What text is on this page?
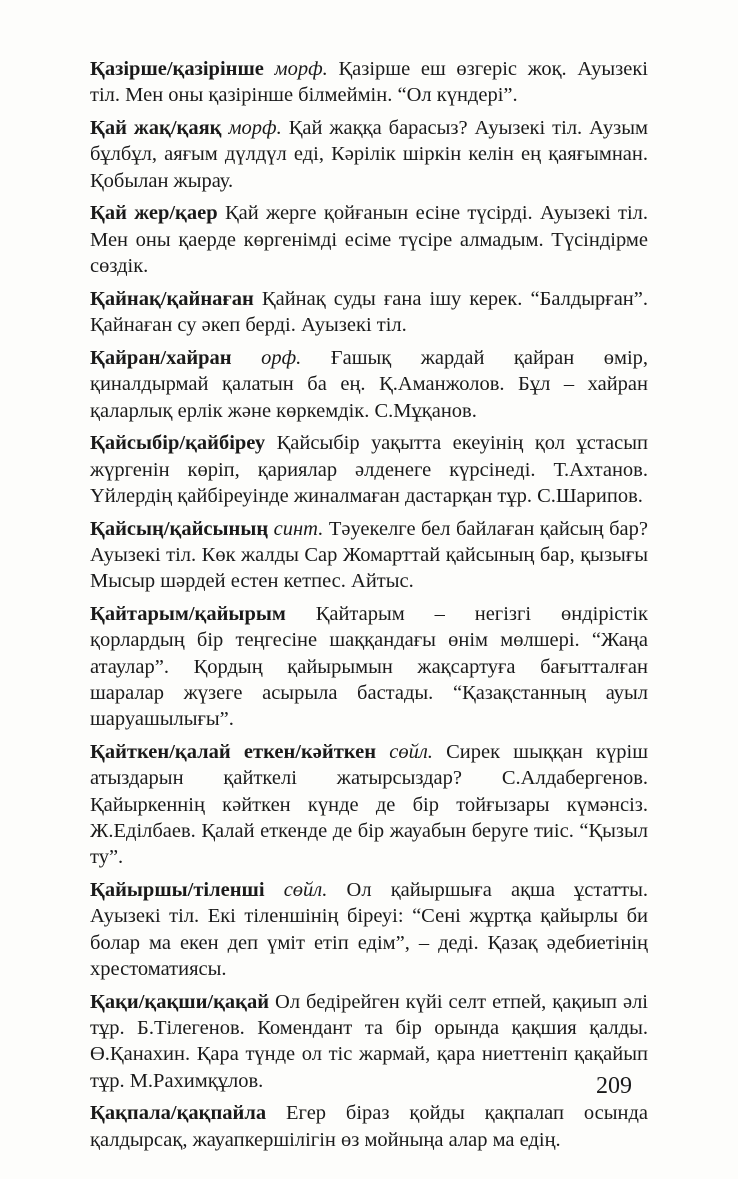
Қазірше/қазірінше морф. Қазірше еш өзгеріс жоқ. Ауызекі тіл. Мен оны қазірінше білмеймін. “Ол күндері”.

Қай жақ/қаяқ морф. Қай жаққа барасыз? Ауызекі тіл. Аузым бұлбұл, аяғым дүлдүл еді, Кәрілік шіркін келін ең қаяғымнан. Қобылан жырау.

Қай жер/қаер Қай жерге қойғанын есіне түсірді. Ауызекі тіл. Мен оны қаерде көргенімді есіме түсіре алмадым. Түсіндірме сөздік.

Қайнақ/қайнаған Қайнақ суды ғана ішу керек. “Балдырған”. Қайнаған су әкеп берді. Ауызекі тіл.

Қайран/хайран орф. Ғашық жардай қайран өмір, қиналдырмай қалатын ба ең. Қ.Аманжолов. Бұл – хайран қаларлық ерлік және көркемдік. С.Мұқанов.

Қайсыбір/қайбіреу Қайсыбір уақытта екеуінің қол ұстасып жүргенін көріп, қариялар әлденеге күрсінеді. Т.Ахтанов. Үйлердің қайбіреуінде жиналмаған дастарқан тұр. С.Шарипов.

Қайсың/қайсының синт. Тәуекелге бел байлаған қайсың бар? Ауызекі тіл. Көк жалды Сар Жомарттай қайсының бар, қызығы Мысыр шәрдей естен кетпес. Айтыс.

Қайтарым/қайырым Қайтарым – негізгі өндірістік қорлардың бір теңгесіне шаққандағы өнім мөлшері. “Жаңа атаулар”. Қордың қайырымын жақсартуға бағытталған шаралар жүзеге асырыла бастады. “Қазақстанның ауыл шаруашылығы”.

Қайткен/қалай еткен/кәйткен сөйл. Сирек шыққан күріш атыздарын қайткелі жатырсыздар? С.Алдабергенов. Қайыркеннің кәйткен күнде де бір тойғызары күмәнсіз. Ж.Еділбаев. Қалай еткенде де бір жауабын беруге тиіс. “Қызыл ту”.

Қайыршы/тіленші сөйл. Ол қайыршыға ақша ұстатты. Ауызекі тіл. Екі тіленшінің біреуі: “Сені жұртқа қайырлы би болар ма екен деп үміт етіп едім”, – деді. Қазақ әдебиетінің хрестоматиясы.

Қақи/қақши/қақай Ол бедірейген күйі селт етпей, қақиып әлі тұр. Б.Тілегенов. Комендант та бір орында қақшия қалды. Ө.Қанахин. Қара түнде ол тіс жармай, қара ниеттеніп қақайып тұр. М.Рахимқұлов.

Қақпала/қақпайла Егер біраз қойды қақпалап осында қалдырсақ, жауапкершілігін өз мойныңа алар ма едің.

209
